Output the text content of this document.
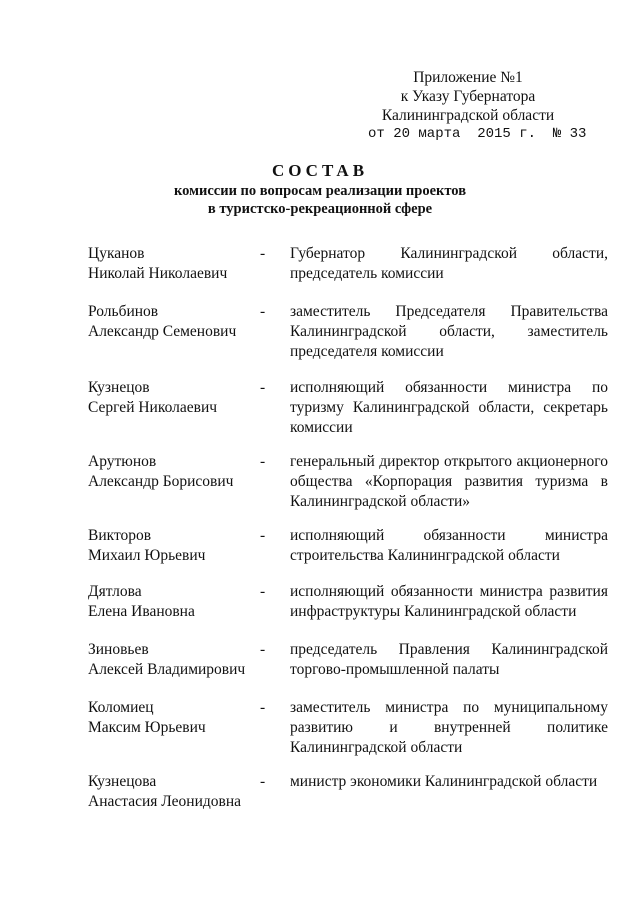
Приложение №1
к Указу Губернатора
Калининградской области
от 20 марта  2015 г.  № 33
СОСТАВ
комиссии по вопросам реализации проектов
в туристско-рекреационной сфере
Цуканов
Николай Николаевич
-	Губернатор Калининградской области, председатель комиссии
Рольбинов
Александр Семенович
-	заместитель Председателя Правительства Калининградской области, заместитель председателя комиссии
Кузнецов
Сергей Николаевич
-	исполняющий обязанности министра по туризму Калининградской области, секретарь комиссии
Арутюнов
Александр Борисович
-	генеральный директор открытого акционерного общества «Корпорация развития туризма в Калининградской области»
Викторов
Михаил Юрьевич
-	исполняющий обязанности министра строительства Калининградской области
Дятлова
Елена Ивановна
-	исполняющий обязанности министра развития инфраструктуры Калининградской области
Зиновьев
Алексей Владимирович
-	председатель Правления Калининградской торгово-промышленной палаты
Коломиец
Максим Юрьевич
-	заместитель министра по муниципальному развитию и внутренней политике Калининградской области
Кузнецова
Анастасия Леонидовна
-	министр экономики Калининградской области
